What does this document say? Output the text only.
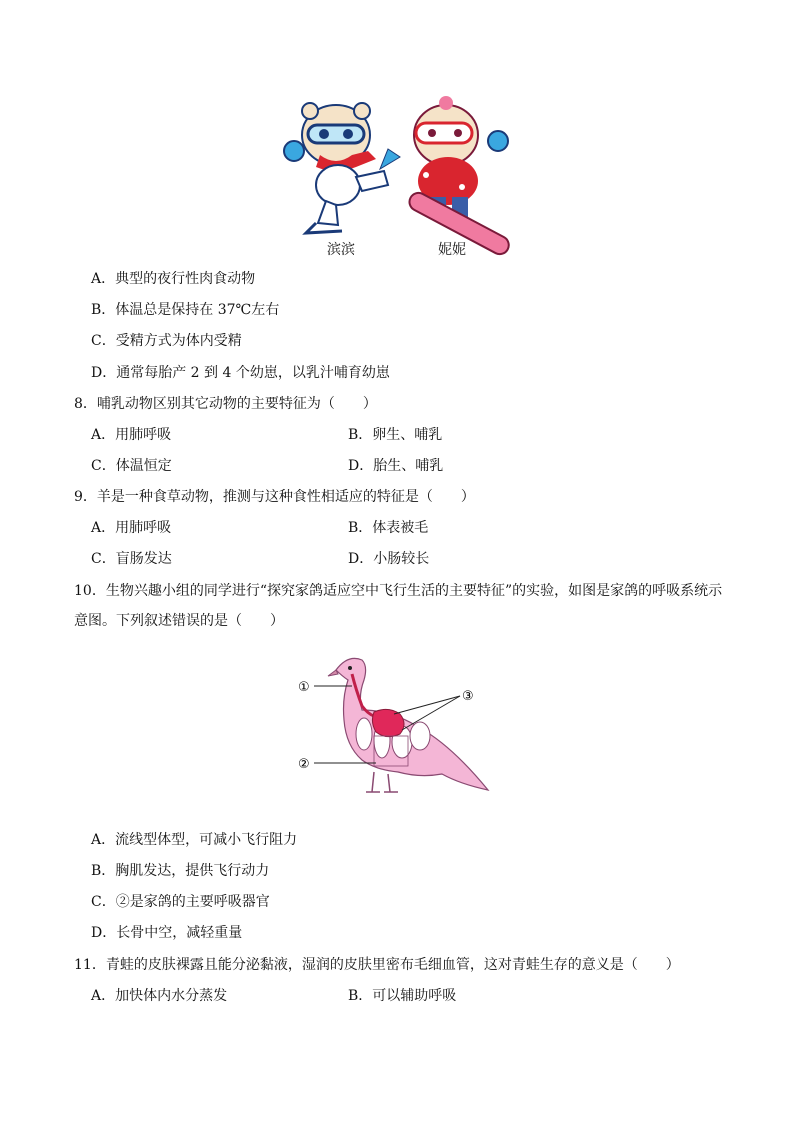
滨滨	妮妮
A．典型的夜行性肉食动物
B．体温总是保持在 37℃左右
C．受精方式为体内受精
D．通常每胎产 2 到 4 个幼崽，以乳汁哺育幼崽
8．哺乳动物区别其它动物的主要特征为（　　）
A．用肺呼吸	B．卵生、哺乳
C．体温恒定	D．胎生、哺乳
9．羊是一种食草动物，推测与这种食性相适应的特征是（　　）
A．用肺呼吸	B．体表被毛
C．盲肠发达	D．小肠较长
10．生物兴趣小组的同学进行“探究家鸽适应空中飞行生活的主要特征”的实验，如图是家鸽的呼吸系统示
意图。下列叙述错误的是（　　）
①
②
③
A．流线型体型，可减小飞行阻力
B．胸肌发达，提供飞行动力
C．②是家鸽的主要呼吸器官
D．长骨中空，减轻重量
11．青蛙的皮肤裸露且能分泌黏液，湿润的皮肤里密布毛细血管，这对青蛙生存的意义是（　　）
A．加快体内水分蒸发	B．可以辅助呼吸
